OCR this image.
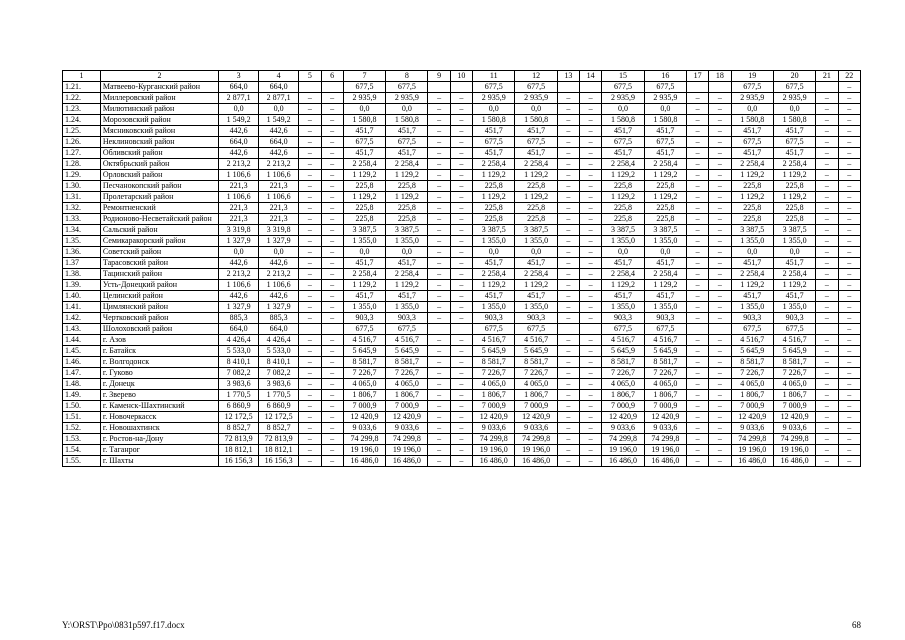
1	2	3	4	5	6	7	8	9	10	11	12	13	14	15	16	17	18	19	20	21	22
1.21.	Матвеево-Курганский район	664,0	664,0			677,5	677,5			677,5	677,5			677,5	677,5			677,5	677,5		–
1.22.	Миллеровский район	2 877,1	2 877,1	–	–	2 935,9	2 935,9	–	–	2 935,9	2 935,9	–	–	2 935,9	2 935,9	–	–	2 935,9	2 935,9	–	–
1.23.	Милютинский район	0,0	0,0	–	–	0,0	0,0	–	–	0,0	0,0	–	–	0,0	0,0	–	–	0,0	0,0	–	–
1.24.	Морозовский район	1 549,2	1 549,2	–	–	1 580,8	1 580,8	–	–	1 580,8	1 580,8	–	–	1 580,8	1 580,8	–	–	1 580,8	1 580,8	–	–
1.25.	Мясниковский район	442,6	442,6	–	–	451,7	451,7	–	–	451,7	451,7	–	–	451,7	451,7	–	–	451,7	451,7	–	–
1.26.	Неклиновский район	664,0	664,0	–	–	677,5	677,5	–	–	677,5	677,5	–	–	677,5	677,5	–	–	677,5	677,5	–	–
1.27.	Обливский район	442,6	442,6	–	–	451,7	451,7	–	–	451,7	451,7	–	–	451,7	451,7	–	–	451,7	451,7	–	–
1.28.	Октябрьский район	2 213,2	2 213,2	–	–	2 258,4	2 258,4	–	–	2 258,4	2 258,4	–	–	2 258,4	2 258,4	–	–	2 258,4	2 258,4	–	–
1.29.	Орловский район	1 106,6	1 106,6	–	–	1 129,2	1 129,2	–	–	1 129,2	1 129,2	–	–	1 129,2	1 129,2	–	–	1 129,2	1 129,2	–	–
1.30.	Песчанокопский район	221,3	221,3	–	–	225,8	225,8	–	–	225,8	225,8	–	–	225,8	225,8	–	–	225,8	225,8	–	–
1.31.	Пролетарский район	1 106,6	1 106,6	–	–	1 129,2	1 129,2	–	–	1 129,2	1 129,2	–	–	1 129,2	1 129,2	–	–	1 129,2	1 129,2	–	–
1.32.	Ремонтненский	221,3	221,3	–	–	225,8	225,8	–	–	225,8	225,8	–	–	225,8	225,8	–	–	225,8	225,8	–	–
1.33.	Родионово-Несветайский район	221,3	221,3	–	–	225,8	225,8	–	–	225,8	225,8	–	–	225,8	225,8	–	–	225,8	225,8	–	–
1.34.	Сальский район	3 319,8	3 319,8	–	–	3 387,5	3 387,5	–	–	3 387,5	3 387,5	–	–	3 387,5	3 387,5	–	–	3 387,5	3 387,5	–	–
1.35.	Семикаракорский район	1 327,9	1 327,9	–	–	1 355,0	1 355,0	–	–	1 355,0	1 355,0	–	–	1 355,0	1 355,0	–	–	1 355,0	1 355,0	–	–
1.36.	Советский район	0,0	0,0	–	–	0,0	0,0	–	–	0,0	0,0	–	–	0,0	0,0	–	–	0,0	0,0	–	–
1.37	Тарасовский район	442,6	442,6	–	–	451,7	451,7	–	–	451,7	451,7	–	–	451,7	451,7	–	–	451,7	451,7	–	–
1.38.	Тацинский район	2 213,2	2 213,2	–	–	2 258,4	2 258,4	–	–	2 258,4	2 258,4	–	–	2 258,4	2 258,4	–	–	2 258,4	2 258,4	–	–
1.39.	Усть-Донецкий район	1 106,6	1 106,6	–	–	1 129,2	1 129,2	–	–	1 129,2	1 129,2	–	–	1 129,2	1 129,2	–	–	1 129,2	1 129,2	–	–
1.40.	Целинский район	442,6	442,6	–	–	451,7	451,7	–	–	451,7	451,7	–	–	451,7	451,7	–	–	451,7	451,7	–	–
1.41.	Цимлянский район	1 327,9	1 327,9	–	–	1 355,0	1 355,0	–	–	1 355,0	1 355,0	–	–	1 355,0	1 355,0	–	–	1 355,0	1 355,0	–	–
1.42.	Чертковский район	885,3	885,3	–	–	903,3	903,3	–	–	903,3	903,3	–	–	903,3	903,3	–	–	903,3	903,3	–	–
1.43.	Шолоховский район	664,0	664,0			677,5	677,5			677,5	677,5			677,5	677,5			677,5	677,5		–
1.44.	г. Азов	4 426,4	4 426,4	–	–	4 516,7	4 516,7	–	–	4 516,7	4 516,7	–	–	4 516,7	4 516,7	–	–	4 516,7	4 516,7	–	–
1.45.	г. Батайск	5 533,0	5 533,0	–	–	5 645,9	5 645,9	–	–	5 645,9	5 645,9	–	–	5 645,9	5 645,9	–	–	5 645,9	5 645,9	–	–
1.46.	г. Волгодонск	8 410,1	8 410,1	–	–	8 581,7	8 581,7	–	–	8 581,7	8 581,7	–	–	8 581,7	8 581,7	–	–	8 581,7	8 581,7	–	–
1.47.	г. Гуково	7 082,2	7 082,2	–	–	7 226,7	7 226,7	–	–	7 226,7	7 226,7	–	–	7 226,7	7 226,7	–	–	7 226,7	7 226,7	–	–
1.48.	г. Донецк	3 983,6	3 983,6	–	–	4 065,0	4 065,0	–	–	4 065,0	4 065,0	–	–	4 065,0	4 065,0	–	–	4 065,0	4 065,0	–	–
1.49.	г. Зверево	1 770,5	1 770,5	–	–	1 806,7	1 806,7	–	–	1 806,7	1 806,7	–	–	1 806,7	1 806,7	–	–	1 806,7	1 806,7	–	–
1.50.	г. Каменск-Шахтинский	6 860,9	6 860,9	–	–	7 000,9	7 000,9	–	–	7 000,9	7 000,9	–	–	7 000,9	7 000,9	–	–	7 000,9	7 000,9	–	–
1.51.	г. Новочеркасск	12 172,5	12 172,5	–	–	12 420,9	12 420,9	–	–	12 420,9	12 420,9	–	–	12 420,9	12 420,9	–	–	12 420,9	12 420,9	–	–
1.52.	г. Новошахтинск	8 852,7	8 852,7	–	–	9 033,6	9 033,6	–	–	9 033,6	9 033,6	–	–	9 033,6	9 033,6	–	–	9 033,6	9 033,6	–	–
1.53.	г. Ростов-на-Дону	72 813,9	72 813,9	–	–	74 299,8	74 299,8	–	–	74 299,8	74 299,8	–	–	74 299,8	74 299,8	–	–	74 299,8	74 299,8	–	–
1.54.	г. Таганрог	18 812,1	18 812,1	–	–	19 196,0	19 196,0	–	–	19 196,0	19 196,0	–	–	19 196,0	19 196,0	–	–	19 196,0	19 196,0	–	–
1.55.	г. Шахты	16 156,3	16 156,3	–	–	16 486,0	16 486,0	–	–	16 486,0	16 486,0	–	–	16 486,0	16 486,0	–	–	16 486,0	16 486,0	–	–
Y:\ORST\Ppo\0831p597.f17.docx	68
